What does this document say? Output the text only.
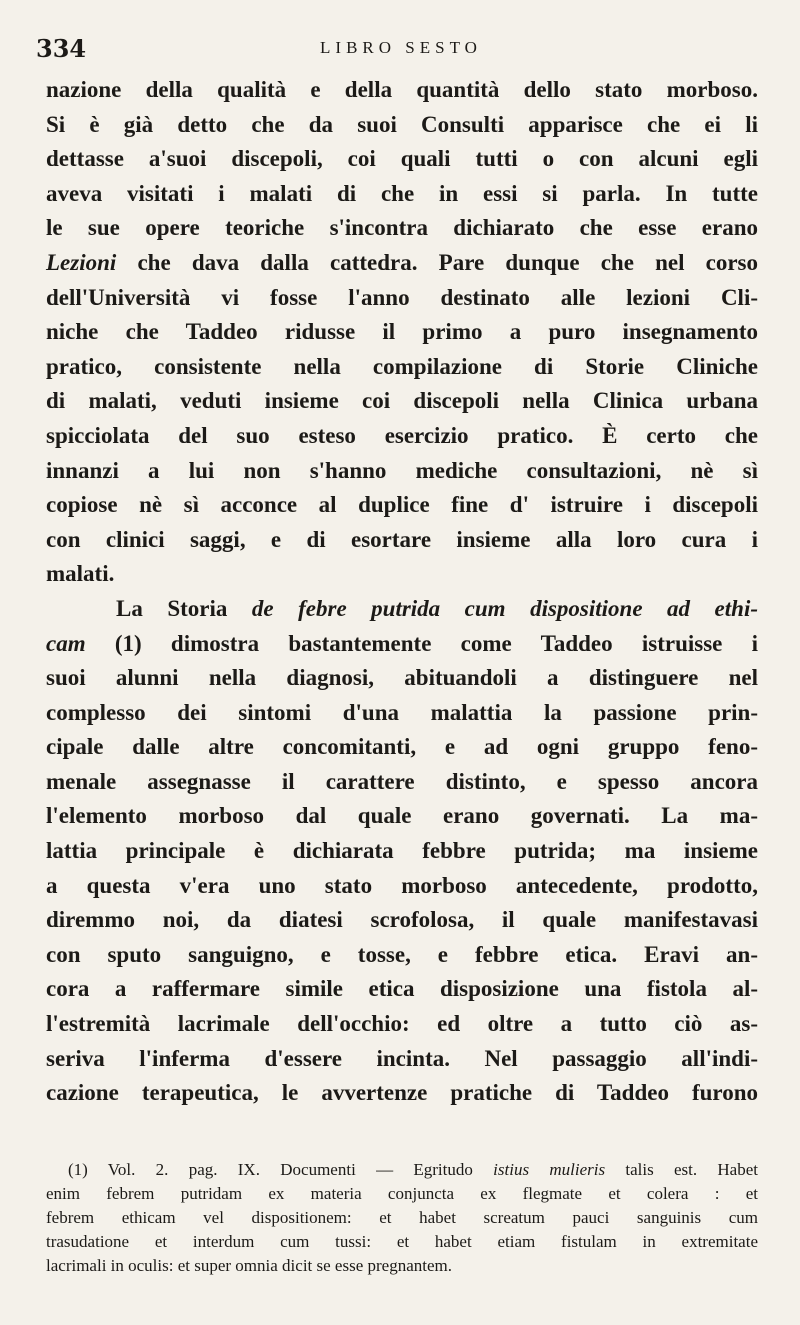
334	LIBRO SESTO
nazione della qualità e della quantità dello stato morboso.
Si è già detto che da suoi Consulti apparisce che ei li
dettasse a'suoi discepoli, coi quali tutti o con alcuni egli
aveva visitati i malati di che in essi si parla. In tutte
le sue opere teoriche s'incontra dichiarato che esse erano
Lezioni che dava dalla cattedra. Pare dunque che nel corso
dell'Università vi fosse l'anno destinato alle lezioni Cli-
niche che Taddeo ridusse il primo a puro insegnamento
pratico, consistente nella compilazione di Storie Cliniche
di malati, veduti insieme coi discepoli nella Clinica urbana
spicciolata del suo esteso esercizio pratico. È certo che
innanzi a lui non s'hanno mediche consultazioni, nè sì
copiose nè sì acconce al duplice fine d' istruire i discepoli
con clinici saggi, e di esortare insieme alla loro cura i
malati.
La Storia de febre putrida cum dispositione ad ethi-
cam (1) dimostra bastantemente come Taddeo istruisse i
suoi alunni nella diagnosi, abituandoli a distinguere nel
complesso dei sintomi d'una malattia la passione prin-
cipale dalle altre concomitanti, e ad ogni gruppo feno-
menale assegnasse il carattere distinto, e spesso ancora
l'elemento morboso dal quale erano governati. La ma-
lattia principale è dichiarata febbre putrida; ma insieme
a questa v'era uno stato morboso antecedente, prodotto,
diremmo noi, da diatesi scrofolosa, il quale manifestavasi
con sputo sanguigno, e tosse, e febbre etica. Eravi an-
cora a raffermare simile etica disposizione una fistola al-
l'estremità lacrimale dell'occhio: ed oltre a tutto ciò as-
seriva l'inferma d'essere incinta. Nel passaggio all'indi-
cazione terapeutica, le avvertenze pratiche di Taddeo furono
(1) Vol. 2. pag. IX. Documenti — Egritudo istius mulieris talis est. Habet
enim febrem putridam ex materia conjuncta ex flegmate et colera : et
febrem ethicam vel dispositionem: et habet screatum pauci sanguinis cum
trasudatione et interdum cum tussi: et habet etiam fistulam in extremitate
lacrimali in oculis: et super omnia dicit se esse pregnantem.
